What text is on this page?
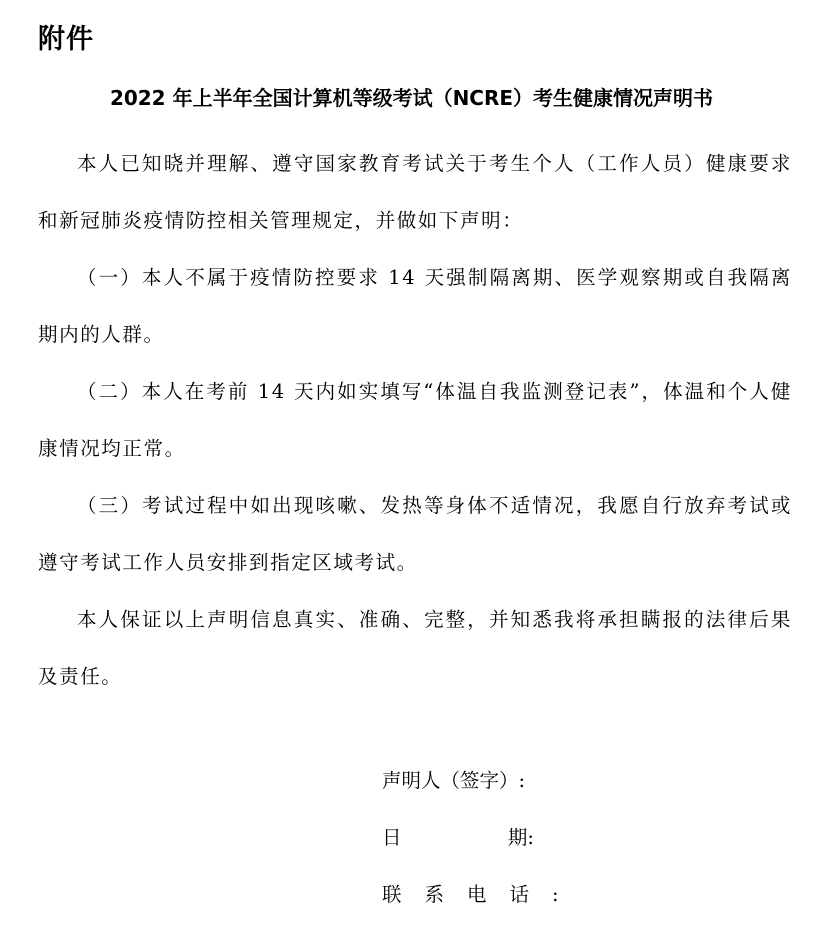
附件
2022 年上半年全国计算机等级考试（NCRE）考生健康情况声明书

本人已知晓并理解、遵守国家教育考试关于考生个人（工作人员）健康要求和新冠肺炎疫情防控相关管理规定，并做如下声明：

（一）本人不属于疫情防控要求 14 天强制隔离期、医学观察期或自我隔离期内的人群。

（二）本人在考前 14 天内如实填写“体温自我监测登记表”，体温和个人健康情况均正常。

（三）考试过程中如出现咳嗽、发热等身体不适情况，我愿自行放弃考试或遵守考试工作人员安排到指定区域考试。

本人保证以上声明信息真实、准确、完整，并知悉我将承担瞒报的法律后果及责任。

声明人（签字）:
日	期:
联系电话:
